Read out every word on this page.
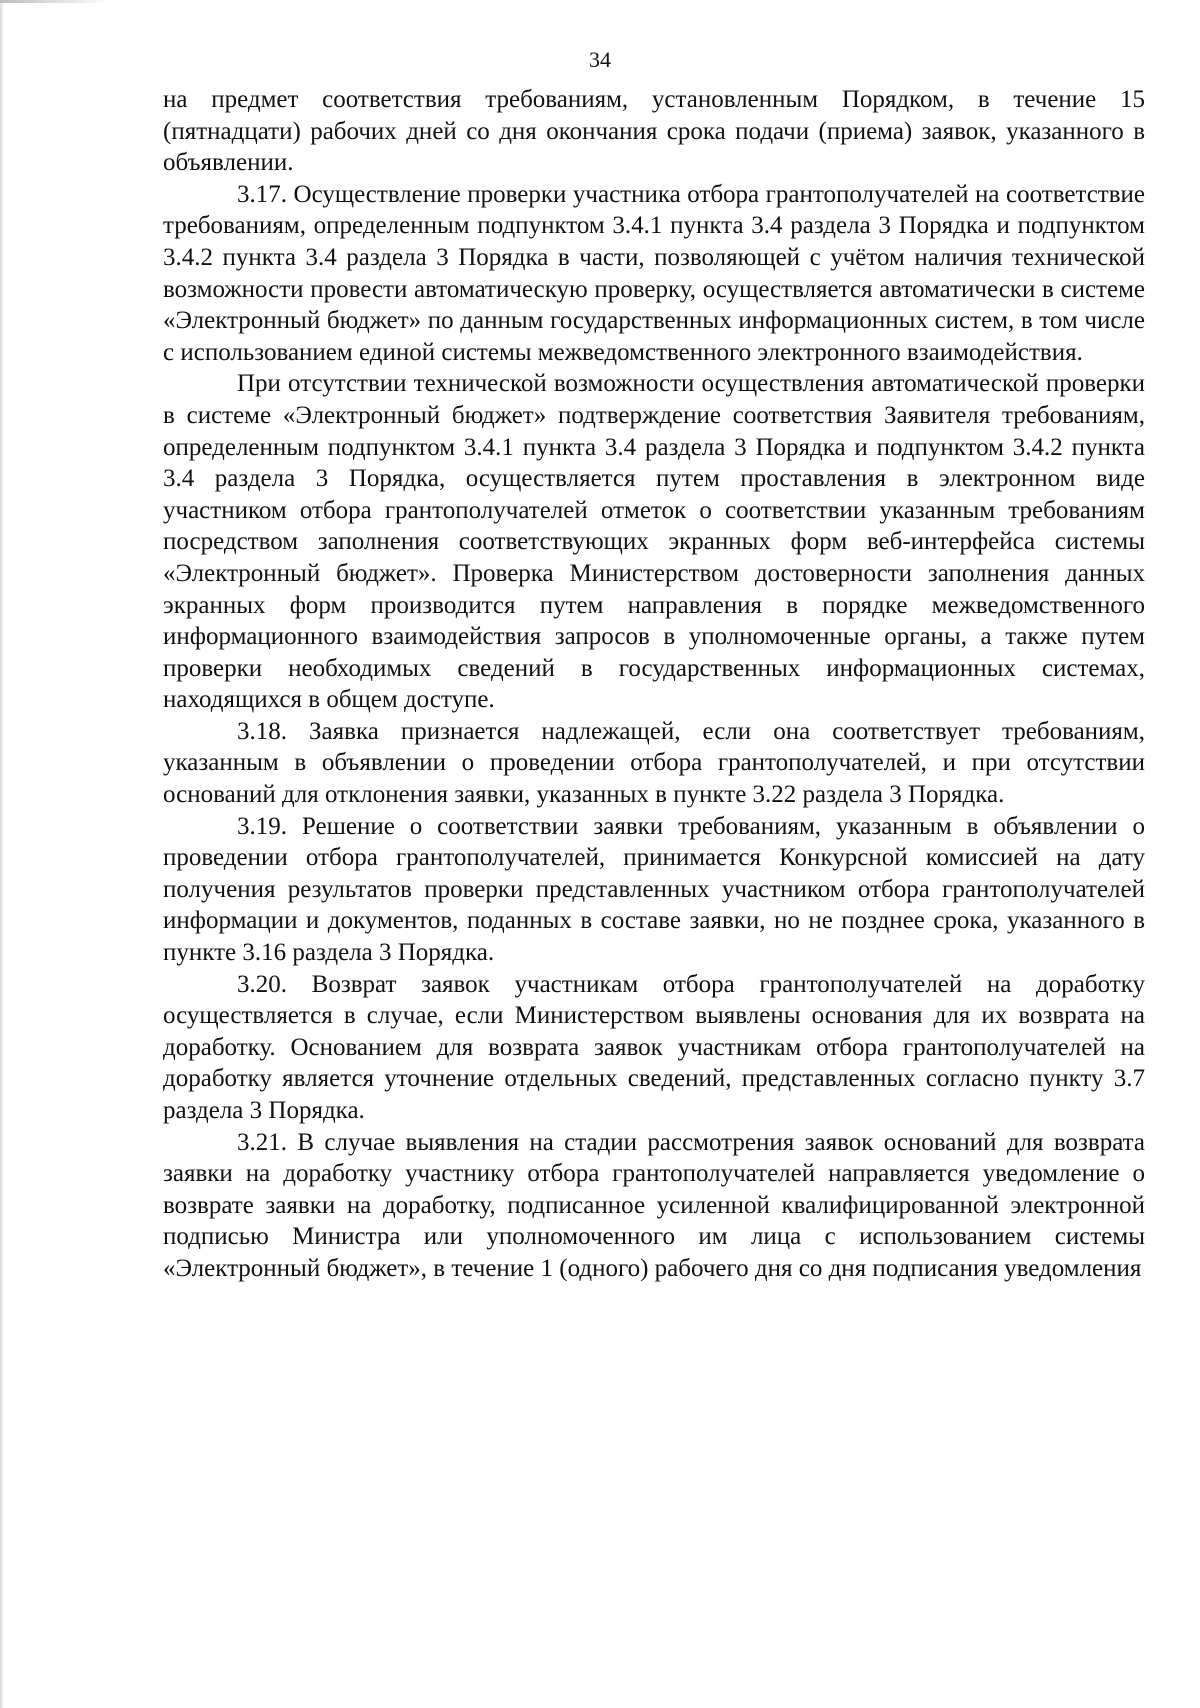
34

на предмет соответствия требованиям, установленным Порядком, в течение 15 (пятнадцати) рабочих дней со дня окончания срока подачи (приема) заявок, указанного в объявлении.

3.17. Осуществление проверки участника отбора грантополучателей на соответствие требованиям, определенным подпунктом 3.4.1 пункта 3.4 раздела 3 Порядка и подпунктом 3.4.2 пункта 3.4 раздела 3 Порядка в части, позволяющей с учётом наличия технической возможности провести автоматическую проверку, осуществляется автоматически в системе «Электронный бюджет» по данным государственных информационных систем, в том числе с использованием единой системы межведомственного электронного взаимодействия.

При отсутствии технической возможности осуществления автоматической проверки в системе «Электронный бюджет» подтверждение соответствия Заявителя требованиям, определенным подпунктом 3.4.1 пункта 3.4 раздела 3 Порядка и подпунктом 3.4.2 пункта 3.4 раздела 3 Порядка, осуществляется путем проставления в электронном виде участником отбора грантополучателей отметок о соответствии указанным требованиям посредством заполнения соответствующих экранных форм веб-интерфейса системы «Электронный бюджет». Проверка Министерством достоверности заполнения данных экранных форм производится путем направления в порядке межведомственного информационного взаимодействия запросов в уполномоченные органы, а также путем проверки необходимых сведений в государственных информационных системах, находящихся в общем доступе.

3.18. Заявка признается надлежащей, если она соответствует требованиям, указанным в объявлении о проведении отбора грантополучателей, и при отсутствии оснований для отклонения заявки, указанных в пункте 3.22 раздела 3 Порядка.

3.19. Решение о соответствии заявки требованиям, указанным в объявлении о проведении отбора грантополучателей, принимается Конкурсной комиссией на дату получения результатов проверки представленных участником отбора грантополучателей информации и документов, поданных в составе заявки, но не позднее срока, указанного в пункте 3.16 раздела 3 Порядка.

3.20. Возврат заявок участникам отбора грантополучателей на доработку осуществляется в случае, если Министерством выявлены основания для их возврата на доработку. Основанием для возврата заявок участникам отбора грантополучателей на доработку является уточнение отдельных сведений, представленных согласно пункту 3.7 раздела 3 Порядка.

3.21. В случае выявления на стадии рассмотрения заявок оснований для возврата заявки на доработку участнику отбора грантополучателей направляется уведомление о возврате заявки на доработку, подписанное усиленной квалифицированной электронной подписью Министра или уполномоченного им лица с использованием системы «Электронный бюджет», в течение 1 (одного) рабочего дня со дня подписания уведомления
